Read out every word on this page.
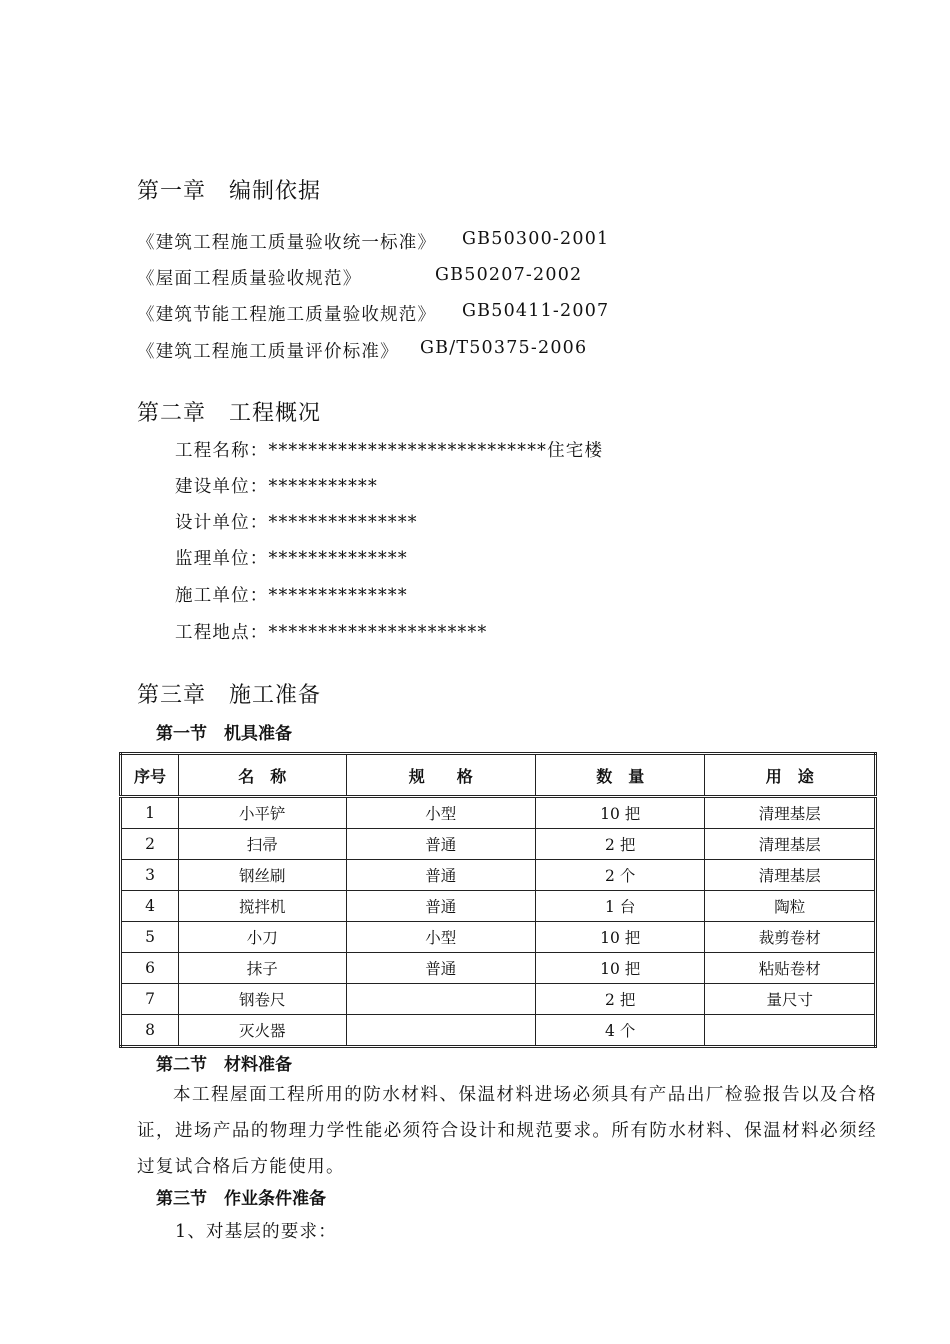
第一章　编制依据
《建筑工程施工质量验收统一标准》 GB50300-2001
《屋面工程质量验收规范》	GB50207-2002
《建筑节能工程施工质量验收规范》 GB50411-2007
《建筑工程施工质量评价标准》 GB/T50375-2006
第二章　工程概况
工程名称：****************************住宅楼
建设单位：***********
设计单位：***************
监理单位：**************
施工单位：**************
工程地点：**********************
第三章　施工准备
第一节　机具准备
序号	名　称	规　　格	数　量	用　途
1	小平铲	小型	10 把	清理基层
2	扫帚	普通	2 把	清理基层
3	钢丝刷	普通	2 个	清理基层
4	搅拌机	普通	1 台	陶粒
5	小刀	小型	10 把	裁剪卷材
6	抹子	普通	10 把	粘贴卷材
7	钢卷尺		2 把	量尺寸
8	灭火器		4 个	
第二节　材料准备
本工程屋面工程所用的防水材料、保温材料进场必须具有产品出厂检验报告以及合格证，进场产品的物理力学性能必须符合设计和规范要求。所有防水材料、保温材料必须经过复试合格后方能使用。
第三节　作业条件准备
1、对基层的要求：
